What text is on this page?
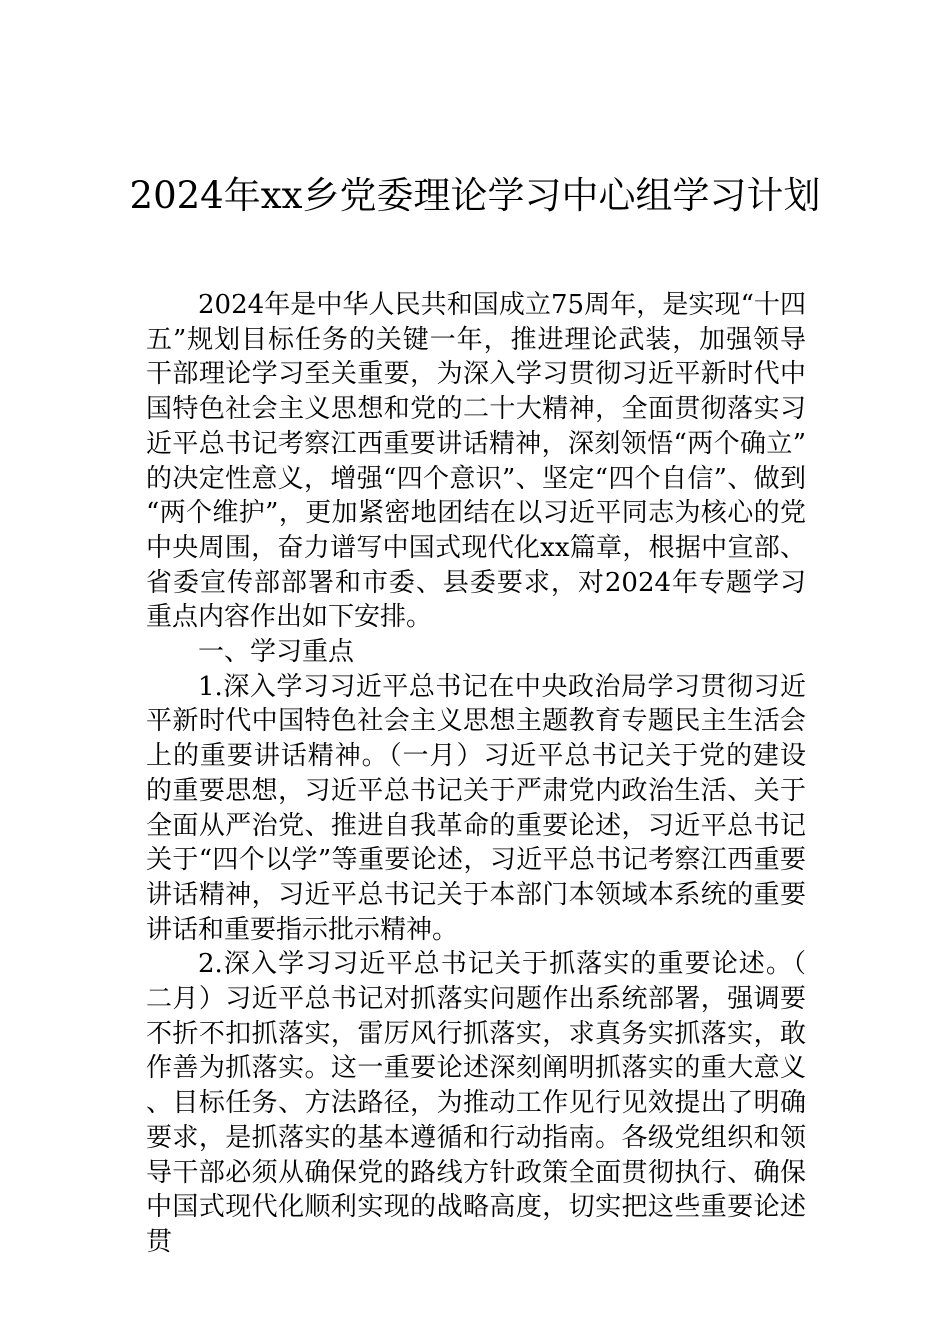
2024年xx乡党委理论学习中心组学习计划

2024年是中华人民共和国成立75周年，是实现“十四五”规划目标任务的关键一年，推进理论武装，加强领导干部理论学习至关重要，为深入学习贯彻习近平新时代中国特色社会主义思想和党的二十大精神，全面贯彻落实习近平总书记考察江西重要讲话精神，深刻领悟“两个确立”的决定性意义，增强“四个意识”、坚定“四个自信”、做到“两个维护”，更加紧密地团结在以习近平同志为核心的党中央周围，奋力谱写中国式现代化xx篇章，根据中宣部、省委宣传部部署和市委、县委要求，对2024年专题学习重点内容作出如下安排。

一、学习重点

1.深入学习习近平总书记在中央政治局学习贯彻习近平新时代中国特色社会主义思想主题教育专题民主生活会上的重要讲话精神。（一月）习近平总书记关于党的建设的重要思想，习近平总书记关于严肃党内政治生活、关于全面从严治党、推进自我革命的重要论述，习近平总书记关于“四个以学”等重要论述，习近平总书记考察江西重要讲话精神，习近平总书记关于本部门本领域本系统的重要讲话和重要指示批示精神。

2.深入学习习近平总书记关于抓落实的重要论述。（二月）习近平总书记对抓落实问题作出系统部署，强调要不折不扣抓落实，雷厉风行抓落实，求真务实抓落实，敢作善为抓落实。这一重要论述深刻阐明抓落实的重大意义、目标任务、方法路径，为推动工作见行见效提出了明确要求，是抓落实的基本遵循和行动指南。各级党组织和领导干部必须从确保党的路线方针政策全面贯彻执行、确保中国式现代化顺利实现的战略高度，切实把这些重要论述贯
